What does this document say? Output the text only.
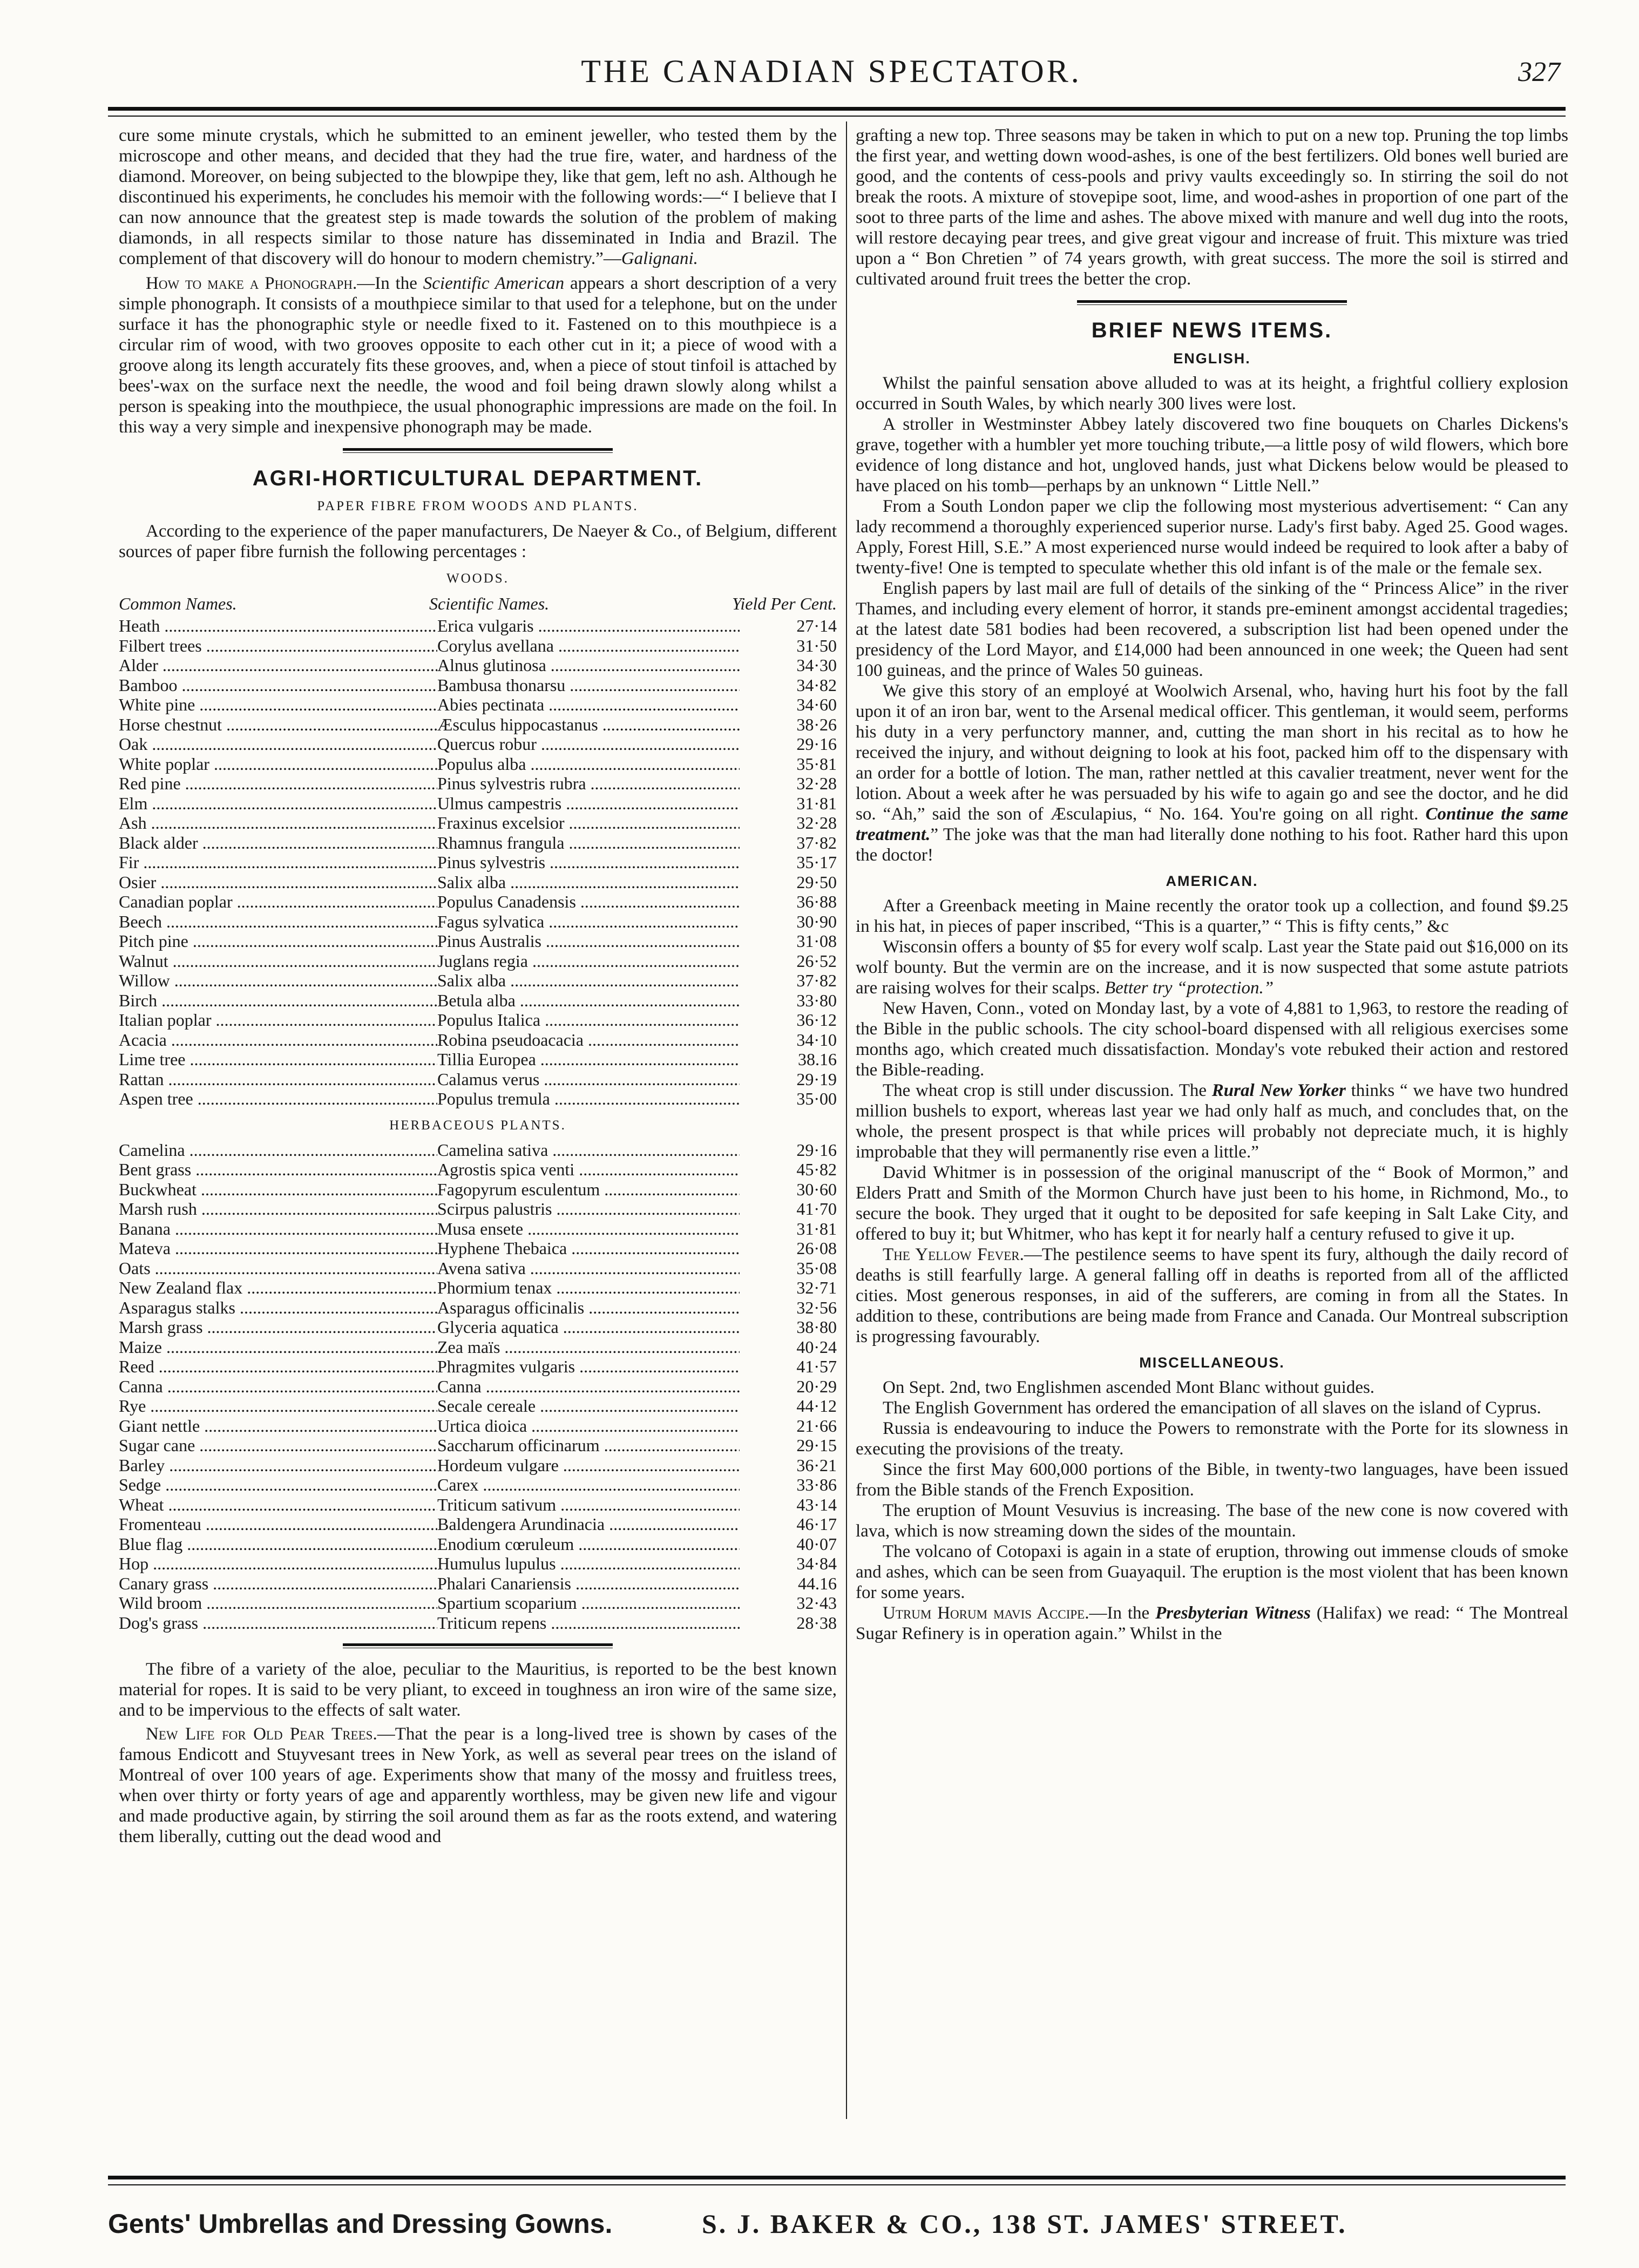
THE CANADIAN SPECTATOR.	327

cure some minute crystals, which he submitted to an eminent jeweller, who tested them by the microscope and other means, and decided that they had the true fire, water, and hardness of the diamond. Moreover, on being subjected to the blowpipe they, like that gem, left no ash. Although he discontinued his experiments, he concludes his memoir with the following words:—“ I believe that I can now announce that the greatest step is made towards the solution of the problem of making diamonds, in all respects similar to those nature has disseminated in India and Brazil. The complement of that discovery will do honour to modern chemistry.”—Galignani.

How to make a Phonograph.—In the Scientific American appears a short description of a very simple phonograph. It consists of a mouthpiece similar to that used for a telephone, but on the under surface it has the phonographic style or needle fixed to it. Fastened on to this mouthpiece is a circular rim of wood, with two grooves opposite to each other cut in it; a piece of wood with a groove along its length accurately fits these grooves, and, when a piece of stout tinfoil is attached by bees'-wax on the surface next the needle, the wood and foil being drawn slowly along whilst a person is speaking into the mouthpiece, the usual phonographic impressions are made on the foil. In this way a very simple and inexpensive phonograph may be made.

AGRI-HORTICULTURAL DEPARTMENT.
PAPER FIBRE FROM WOODS AND PLANTS.

According to the experience of the paper manufacturers, De Naeyer & Co., of Belgium, different sources of paper fibre furnish the following percentages :

WOODS.
Common Names.	Scientific Names.	Yield Per Cent.
Heath .....	Erica vulgaris .....	27·14
Filbert trees .....	Corylus avellana .....	31·50
Alder .....	Alnus glutinosa .....	34·30
Bamboo .....	Bambusa thonarsu .....	34·82
White pine .....	Abies pectinata .....	34·60
Horse chestnut .....	Æsculus hippocastanus .....	38·26
Oak .....	Quercus robur .....	29·16
White poplar .....	Populus alba .....	35·81
Red pine .....	Pinus sylvestris rubra .....	32·28
Elm .....	Ulmus campestris .....	31·81
Ash .....	Fraxinus excelsior .....	32·28
Black alder .....	Rhamnus frangula .....	37·82
Fir .....	Pinus sylvestris .....	35·17
Osier .....	Salix alba .....	29·50
Canadian poplar .....	Populus Canadensis .....	36·88
Beech .....	Fagus sylvatica .....	30·90
Pitch pine .....	Pinus Australis .....	31·08
Walnut .....	Juglans regia .....	26·52
Willow .....	Salix alba .....	37·82
Birch .....	Betula alba .....	33·80
Italian poplar .....	Populus Italica .....	36·12
Acacia .....	Robina pseudoacacia .....	34·10
Lime tree .....	Tillia Europea .....	38.16
Rattan .....	Calamus verus .....	29·19
Aspen tree .....	Populus tremula .....	35·00
HERBACEOUS PLANTS.
Camelina .....	Camelina sativa .....	29·16
Bent grass .....	Agrostis spica venti .....	45·82
Buckwheat .....	Fagopyrum esculentum .....	30·60
Marsh rush .....	Scirpus palustris .....	41·70
Banana .....	Musa ensete .....	31·81
Mateva .....	Hyphene Thebaica .....	26·08
Oats .....	Avena sativa .....	35·08
New Zealand flax .....	Phormium tenax .....	32·71
Asparagus stalks .....	Asparagus officinalis .....	32·56
Marsh grass .....	Glyceria aquatica .....	38·80
Maize .....	Zea maïs .....	40·24
Reed .....	Phragmites vulgaris .....	41·57
Canna .....	Canna .....	20·29
Rye .....	Secale cereale .....	44·12
Giant nettle .....	Urtica dioica .....	21·66
Sugar cane .....	Saccharum officinarum .....	29·15
Barley .....	Hordeum vulgare .....	36·21
Sedge .....	Carex .....	33·86
Wheat .....	Triticum sativum .....	43·14
Fromenteau .....	Baldengera Arundinacia .....	46·17
Blue flag .....	Enodium cœruleum .....	40·07
Hop .....	Humulus lupulus .....	34·84
Canary grass .....	Phalari Canariensis .....	44.16
Wild broom .....	Spartium scoparium .....	32·43
Dog's grass .....	Triticum repens .....	28·38

The fibre of a variety of the aloe, peculiar to the Mauritius, is reported to be the best known material for ropes. It is said to be very pliant, to exceed in toughness an iron wire of the same size, and to be impervious to the effects of salt water.

New Life for Old Pear Trees.—That the pear is a long-lived tree is shown by cases of the famous Endicott and Stuyvesant trees in New York, as well as several pear trees on the island of Montreal of over 100 years of age. Experiments show that many of the mossy and fruitless trees, when over thirty or forty years of age and apparently worthless, may be given new life and vigour and made productive again, by stirring the soil around them as far as the roots extend, and watering them liberally, cutting out the dead wood and

grafting a new top. Three seasons may be taken in which to put on a new top. Pruning the top limbs the first year, and wetting down wood-ashes, is one of the best fertilizers. Old bones well buried are good, and the contents of cess-pools and privy vaults exceedingly so. In stirring the soil do not break the roots. A mixture of stovepipe soot, lime, and wood-ashes in proportion of one part of the soot to three parts of the lime and ashes. The above mixed with manure and well dug into the roots, will restore decaying pear trees, and give great vigour and increase of fruit. This mixture was tried upon a “ Bon Chretien ” of 74 years growth, with great success. The more the soil is stirred and cultivated around fruit trees the better the crop.

BRIEF NEWS ITEMS.
ENGLISH.

Whilst the painful sensation above alluded to was at its height, a frightful colliery explosion occurred in South Wales, by which nearly 300 lives were lost.

A stroller in Westminster Abbey lately discovered two fine bouquets on Charles Dickens's grave, together with a humbler yet more touching tribute,—a little posy of wild flowers, which bore evidence of long distance and hot, ungloved hands, just what Dickens below would be pleased to have placed on his tomb—perhaps by an unknown “ Little Nell.”

From a South London paper we clip the following most mysterious advertisement: “ Can any lady recommend a thoroughly experienced superior nurse. Lady's first baby. Aged 25. Good wages. Apply, Forest Hill, S.E.” A most experienced nurse would indeed be required to look after a baby of twenty-five! One is tempted to speculate whether this old infant is of the male or the female sex.

English papers by last mail are full of details of the sinking of the “ Princess Alice” in the river Thames, and including every element of horror, it stands pre-eminent amongst accidental tragedies; at the latest date 581 bodies had been recovered, a subscription list had been opened under the presidency of the Lord Mayor, and £14,000 had been announced in one week; the Queen had sent 100 guineas, and the prince of Wales 50 guineas.

We give this story of an employé at Woolwich Arsenal, who, having hurt his foot by the fall upon it of an iron bar, went to the Arsenal medical officer. This gentleman, it would seem, performs his duty in a very perfunctory manner, and, cutting the man short in his recital as to how he received the injury, and without deigning to look at his foot, packed him off to the dispensary with an order for a bottle of lotion. The man, rather nettled at this cavalier treatment, never went for the lotion. About a week after he was persuaded by his wife to again go and see the doctor, and he did so. “Ah,” said the son of Æsculapius, “ No. 164. You're going on all right. Continue the same treatment.” The joke was that the man had literally done nothing to his foot. Rather hard this upon the doctor!

AMERICAN.

After a Greenback meeting in Maine recently the orator took up a collection, and found $9.25 in his hat, in pieces of paper inscribed, “This is a quarter,” “ This is fifty cents,” &c

Wisconsin offers a bounty of $5 for every wolf scalp. Last year the State paid out $16,000 on its wolf bounty. But the vermin are on the increase, and it is now suspected that some astute patriots are raising wolves for their scalps. Better try “protection.”

New Haven, Conn., voted on Monday last, by a vote of 4,881 to 1,963, to restore the reading of the Bible in the public schools. The city school-board dispensed with all religious exercises some months ago, which created much dissatisfaction. Monday's vote rebuked their action and restored the Bible-reading.

The wheat crop is still under discussion. The Rural New Yorker thinks “ we have two hundred million bushels to export, whereas last year we had only half as much, and concludes that, on the whole, the present prospect is that while prices will probably not depreciate much, it is highly improbable that they will permanently rise even a little.”

David Whitmer is in possession of the original manuscript of the “ Book of Mormon,” and Elders Pratt and Smith of the Mormon Church have just been to his home, in Richmond, Mo., to secure the book. They urged that it ought to be deposited for safe keeping in Salt Lake City, and offered to buy it; but Whitmer, who has kept it for nearly half a century refused to give it up.

The Yellow Fever.—The pestilence seems to have spent its fury, although the daily record of deaths is still fearfully large. A general falling off in deaths is reported from all of the afflicted cities. Most generous responses, in aid of the sufferers, are coming in from all the States. In addition to these, contributions are being made from France and Canada. Our Montreal subscription is progressing favourably.

MISCELLANEOUS.

On Sept. 2nd, two Englishmen ascended Mont Blanc without guides.

The English Government has ordered the emancipation of all slaves on the island of Cyprus.

Russia is endeavouring to induce the Powers to remonstrate with the Porte for its slowness in executing the provisions of the treaty.

Since the first May 600,000 portions of the Bible, in twenty-two languages, have been issued from the Bible stands of the French Exposition.

The eruption of Mount Vesuvius is increasing. The base of the new cone is now covered with lava, which is now streaming down the sides of the mountain.

The volcano of Cotopaxi is again in a state of eruption, throwing out immense clouds of smoke and ashes, which can be seen from Guayaquil. The eruption is the most violent that has been known for some years.

Utrum Horum mavis Accipe.—In the Presbyterian Witness (Halifax) we read: “ The Montreal Sugar Refinery is in operation again.” Whilst in the

Gents' Umbrellas and Dressing Gowns.	S. J. BAKER & CO., 138 ST. JAMES' STREET.
